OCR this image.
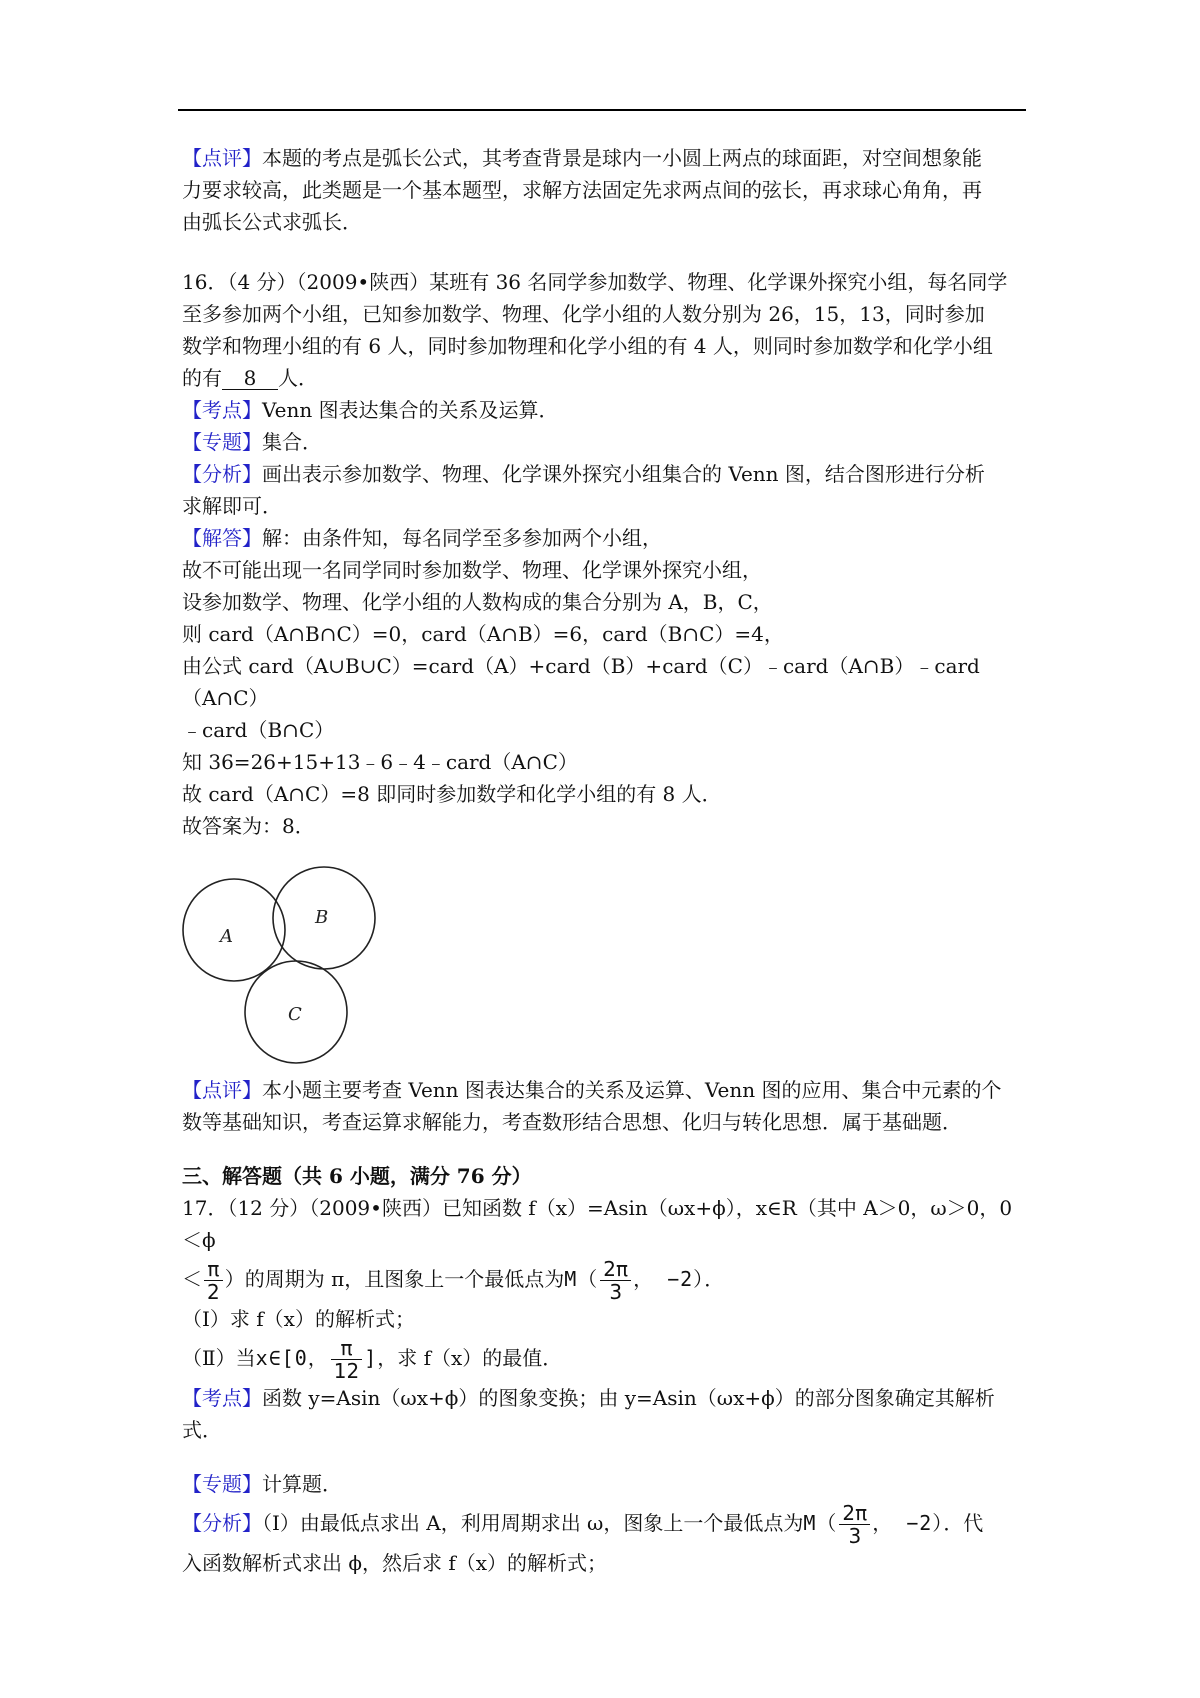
【点评】本题的考点是弧长公式，其考查背景是球内一小圆上两点的球面距，对空间想象能
力要求较高，此类题是一个基本题型，求解方法固定先求两点间的弦长，再求球心角角，再
由弧长公式求弧长．

16．（4 分）（2009•陕西）某班有 36 名同学参加数学、物理、化学课外探究小组，每名同学
至多参加两个小组，已知参加数学、物理、化学小组的人数分别为 26，15，13，同时参加
数学和物理小组的有 6 人，同时参加物理和化学小组的有 4 人，则同时参加数学和化学小组
的有 8 人．

【考点】Venn 图表达集合的关系及运算．

【专题】集合．

【分析】画出表示参加数学、物理、化学课外探究小组集合的 Venn 图，结合图形进行分析
求解即可．

【解答】解：由条件知，每名同学至多参加两个小组，
故不可能出现一名同学同时参加数学、物理、化学课外探究小组，
设参加数学、物理、化学小组的人数构成的集合分别为 A，B，C，
则 card（A∩B∩C）=0，card（A∩B）=6，card（B∩C）=4，
由公式 card（A∪B∪C）=card（A）+card（B）+card（C）﹣card（A∩B）﹣card（A∩C）
﹣card（B∩C）
知 36=26+15+13﹣6﹣4﹣card（A∩C）
故 card（A∩C）=8 即同时参加数学和化学小组的有 8 人．
故答案为：8．

A
B
C

【点评】本小题主要考查 Venn 图表达集合的关系及运算、Venn 图的应用、集合中元素的个
数等基础知识，考查运算求解能力，考查数形结合思想、化归与转化思想．属于基础题．

三、解答题（共 6 小题，满分 76 分）

17．（12 分）（2009•陕西）已知函数 f（x）=Asin（ωx+ϕ），x∈R（其中 A＞0，ω＞0，0＜ϕ

＜ $\frac{\pi}{2}$ ）的周期为 π，且图象上一个最低点为$M( \frac{2\pi}{3}$ ， −2）．

（Ⅰ）求 f（x）的解析式；

（Ⅱ）当x∈[0， $\frac{\pi}{12}$ ]，求 f（x）的最值．

【考点】函数 y=Asin（ωx+ϕ）的图象变换；由 y=Asin（ωx+ϕ）的部分图象确定其解析式．

【专题】计算题．

【分析】（Ⅰ）由最低点求出 A，利用周期求出 ω，图象上一个最低点为$M( \frac{2\pi}{3}$ ， −2）．代

入函数解析式求出 ϕ，然后求 f（x）的解析式；
